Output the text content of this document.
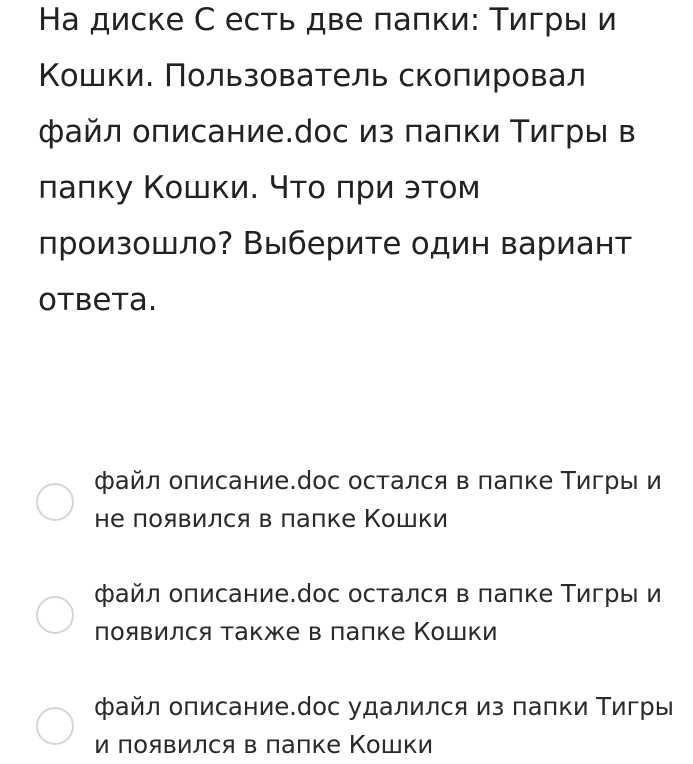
На диске С есть две папки: Тигры и Кошки. Пользователь скопировал файл описание.doc из папки Тигры в папку Кошки. Что при этом произошло? Выберите один вариант ответа.
файл описание.doc остался в папке Тигры и не появился в папке Кошки
файл описание.doc остался в папке Тигры и появился также в папке Кошки
файл описание.doc удалился из папки Тигры и появился в папке Кошки
